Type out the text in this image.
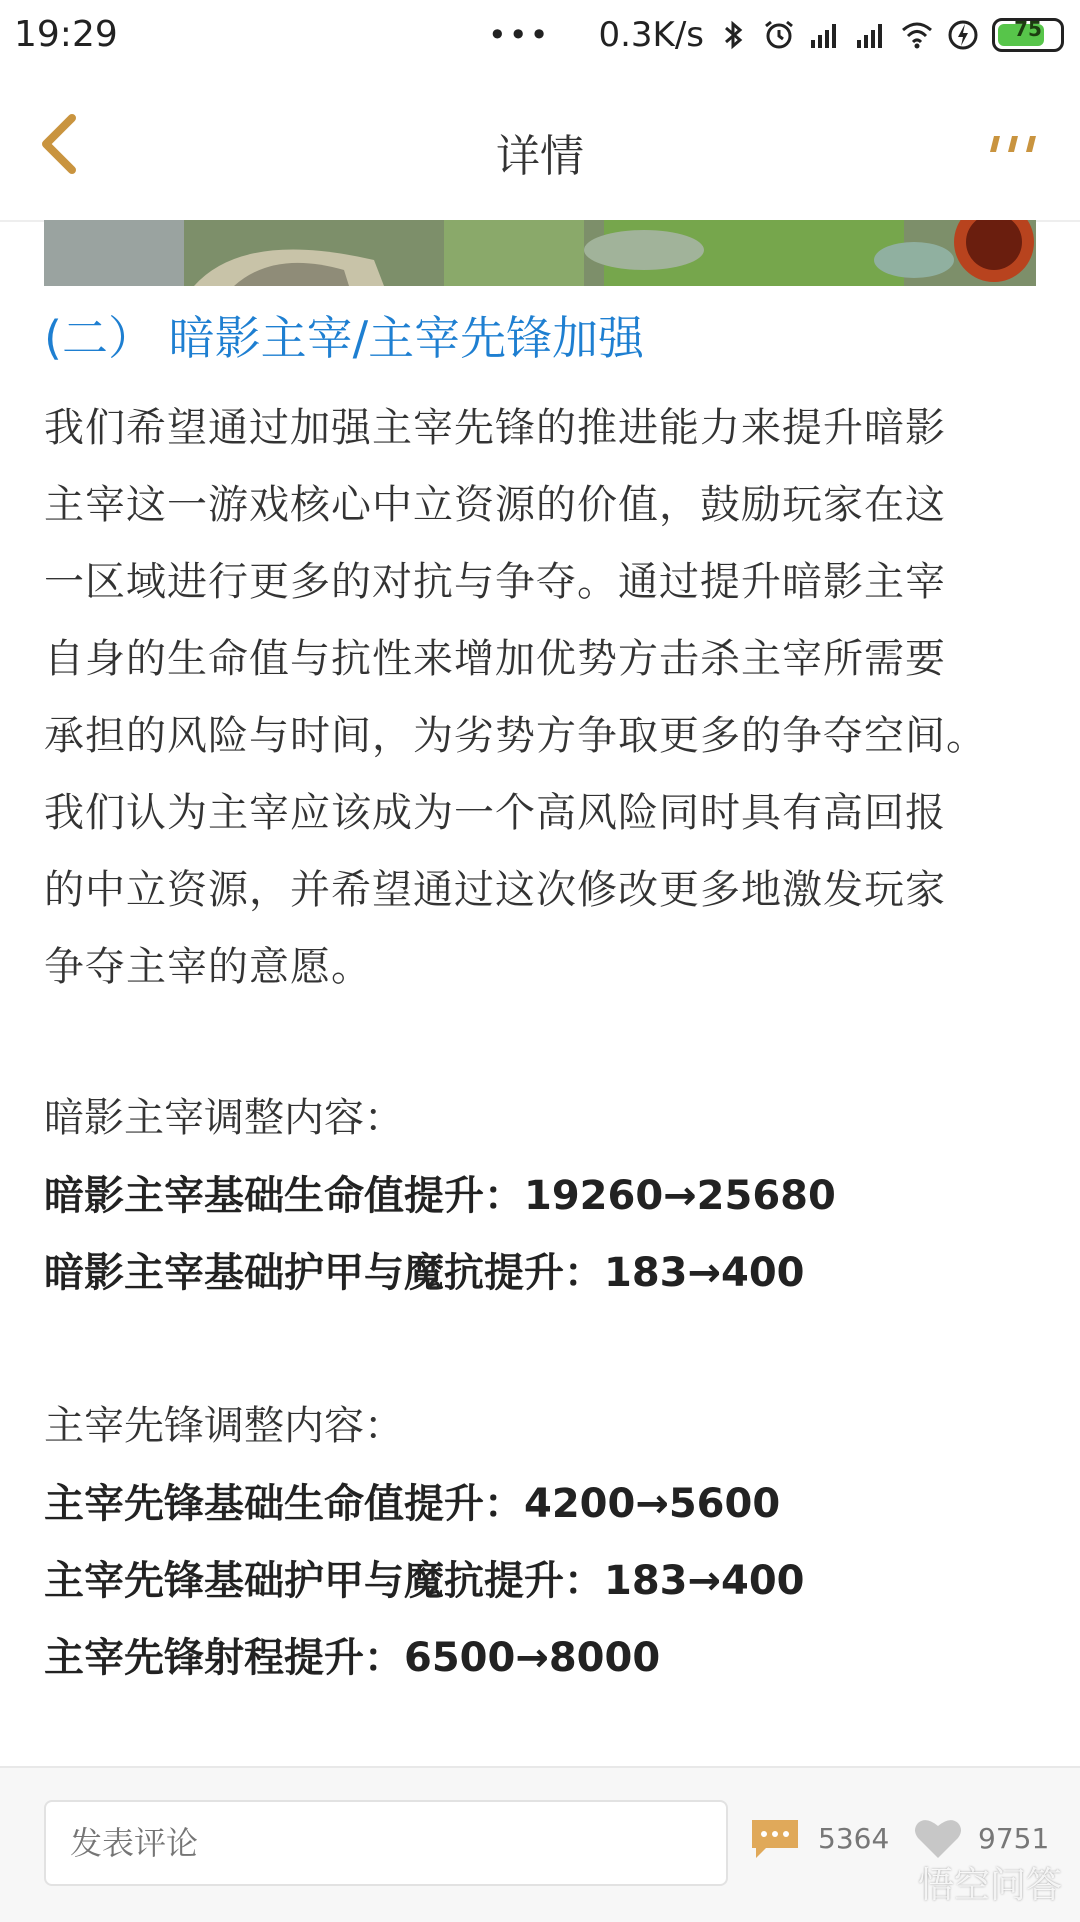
19:29	••• 0.3K/s	75
详情
(二） 暗影主宰/主宰先锋加强
我们希望通过加强主宰先锋的推进能力来提升暗影
主宰这一游戏核心中立资源的价值，鼓励玩家在这
一区域进行更多的对抗与争夺。通过提升暗影主宰
自身的生命值与抗性来增加优势方击杀主宰所需要
承担的风险与时间，为劣势方争取更多的争夺空间。
我们认为主宰应该成为一个高风险同时具有高回报
的中立资源，并希望通过这次修改更多地激发玩家
争夺主宰的意愿。
暗影主宰调整内容：
暗影主宰基础生命值提升：19260→25680
暗影主宰基础护甲与魔抗提升：183→400
主宰先锋调整内容：
主宰先锋基础生命值提升：4200→5600
主宰先锋基础护甲与魔抗提升：183→400
主宰先锋射程提升：6500→8000
发表评论
5364	9751
悟空问答
